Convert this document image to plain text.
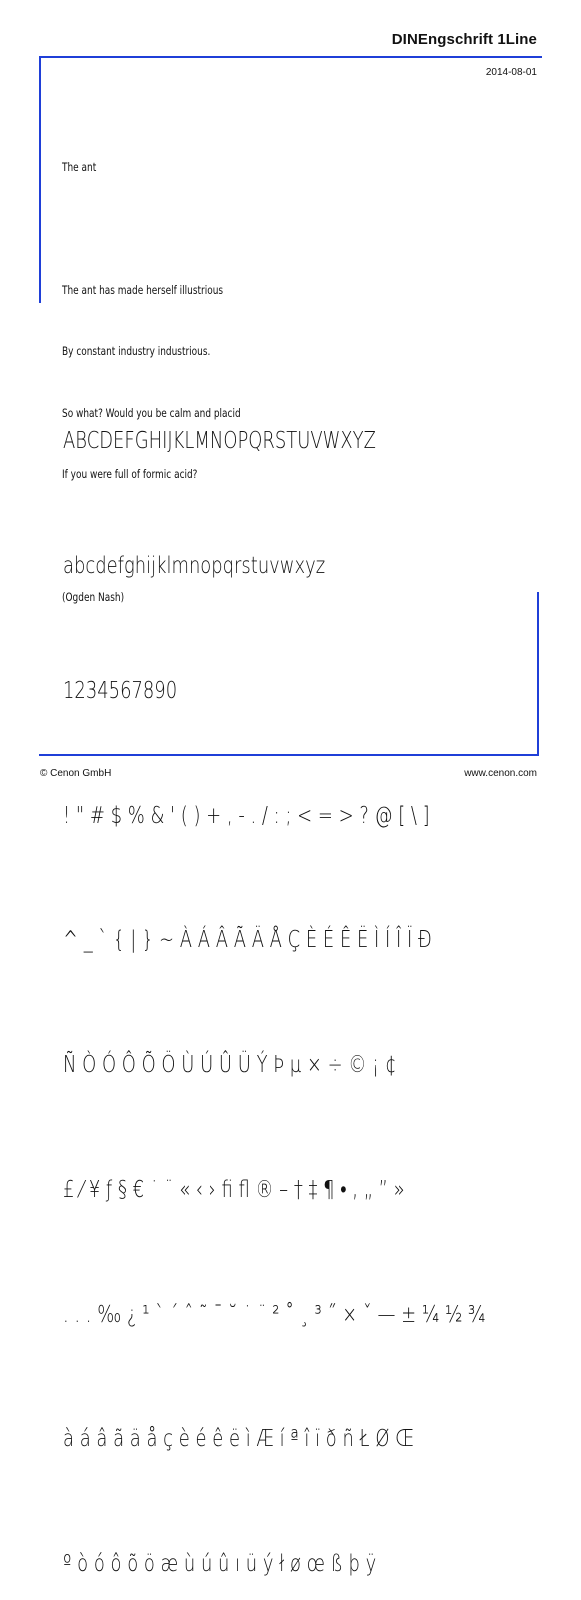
DINEngschrift 1Line
2014-08-01

The ant

The ant has made herself illustrious

By constant industry industrious.

So what? Would you be calm and placid

If you were full of formic acid?

(Ogden Nash)

ABCDEFGHIJKLMNOPQRSTUVWXYZ

abcdefghijklmnopqrstuvwxyz

1234567890

! " # $ % & ' ( ) + , - . / : ; < = > ? @ [ \ ]

^ _ ` { | } ~ À Á Â Ã Ä Å Ç È É Ê Ë Ì Í Î Ï Ð

Ñ Ò Ó Ô Õ Ö Ù Ú Û Ü Ý Þ µ × ÷ © ¡ ¢

£ ⁄ ¥ ƒ § € ˙ ¨ « ‹ › ﬁ ﬂ ® – † ‡ ¶ • ‚ „ ” »

. . . ‰ ¿ ¹ ` ´ ˆ ˜ ¯ ˘ ˙ ¨ ² ˚ ¸ ³ ˝ × ˇ — ± ¼ ½ ¾

à á â ã ä å ç è é ê ë ì Æ í ª î ï ð ñ Ł Ø Œ

º ò ó ô õ ö æ ù ú û ı ü ý ł ø œ ß þ ÿ

© Cenon GmbH	www.cenon.com
